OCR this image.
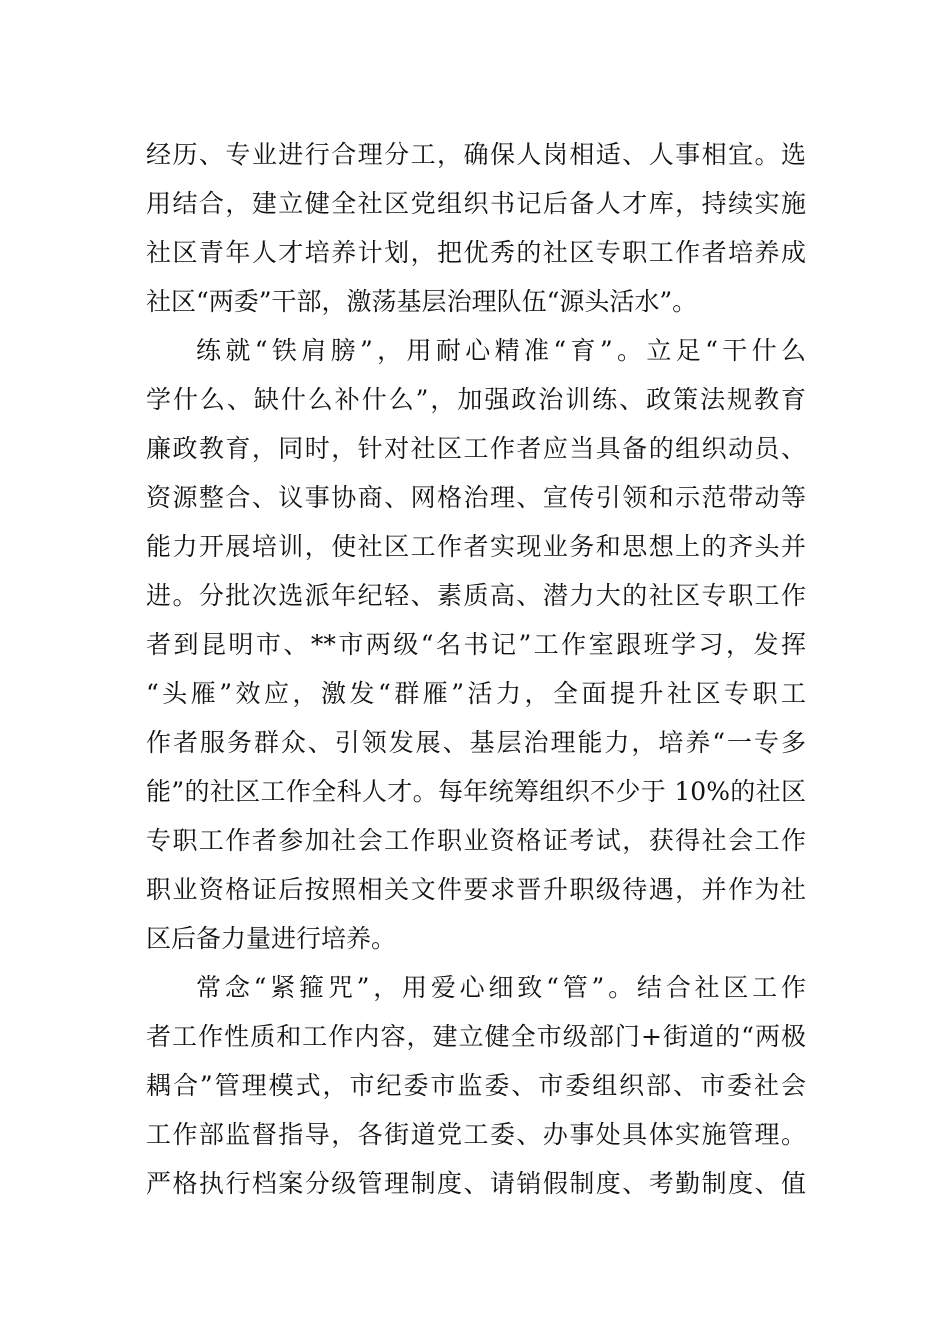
经历、专业进行合理分工，确保人岗相适、人事相宜。选
用结合，建立健全社区党组织书记后备人才库，持续实施
社区青年人才培养计划，把优秀的社区专职工作者培养成
社区“两委”干部，激荡基层治理队伍“源头活水”。
练就“铁肩膀”，用耐心精准“育”。立足“干什么
学什么、缺什么补什么”，加强政治训练、政策法规教育
廉政教育，同时，针对社区工作者应当具备的组织动员、
资源整合、议事协商、网格治理、宣传引领和示范带动等
能力开展培训，使社区工作者实现业务和思想上的齐头并
进。分批次选派年纪轻、素质高、潜力大的社区专职工作
者到昆明市、**市两级“名书记”工作室跟班学习，发挥
“头雁”效应，激发“群雁”活力，全面提升社区专职工
作者服务群众、引领发展、基层治理能力，培养“一专多
能”的社区工作全科人才。每年统筹组织不少于 10%的社区
专职工作者参加社会工作职业资格证考试，获得社会工作
职业资格证后按照相关文件要求晋升职级待遇，并作为社
区后备力量进行培养。
常念“紧箍咒”，用爱心细致“管”。结合社区工作
者工作性质和工作内容，建立健全市级部门+街道的“两极
耦合”管理模式，市纪委市监委、市委组织部、市委社会
工作部监督指导，各街道党工委、办事处具体实施管理。
严格执行档案分级管理制度、请销假制度、考勤制度、值
